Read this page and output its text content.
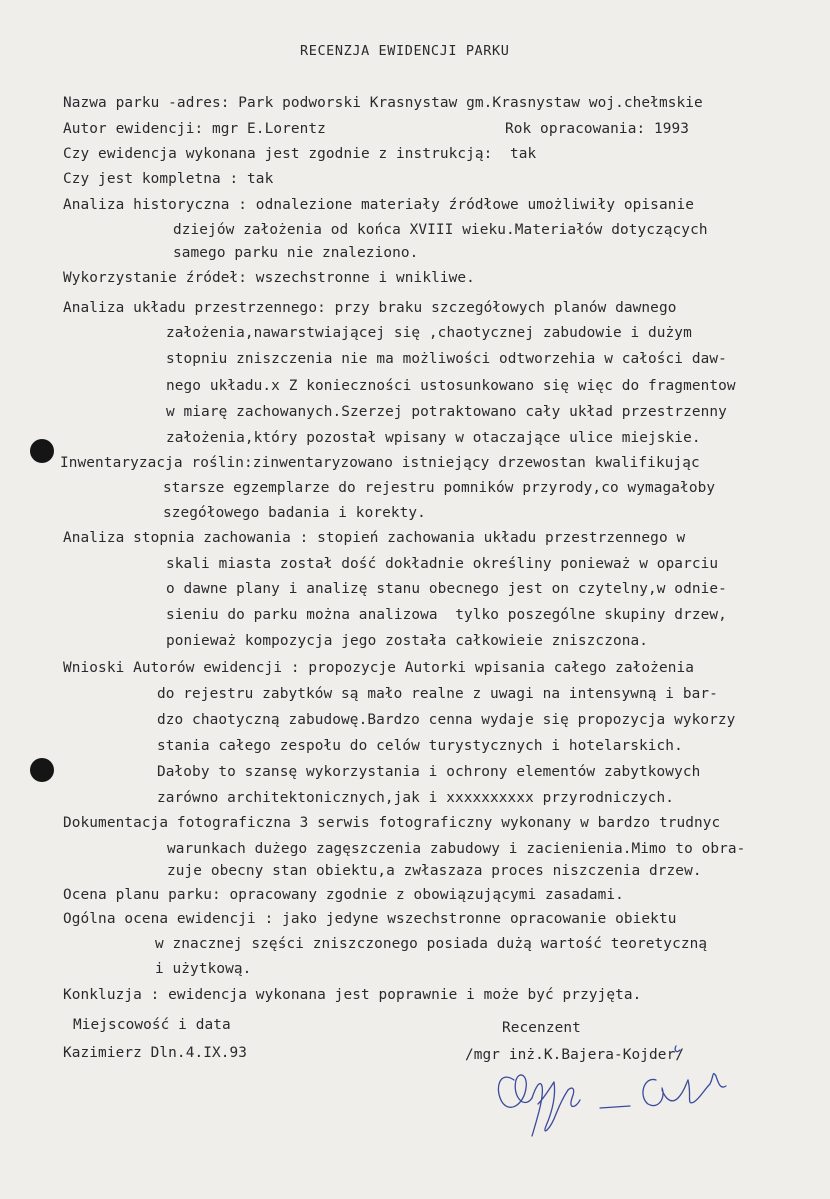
RECENZJA EWIDENCJI PARKU
Nazwa parku -adres: Park podworski Krasnystaw gm.Krasnystaw woj.chełmskie
Autor ewidencji: mgr E.Lorentz	Rok opracowania: 1993
Czy ewidencja wykonana jest zgodnie z instrukcją:  tak
Czy jest kompletna : tak
Analiza historyczna : odnalezione materiały źródłowe umożliwiły opisanie
dziejów założenia od końca XVIII wieku.Materiałów dotyczących
samego parku nie znaleziono.
Wykorzystanie źródeł: wszechstronne i wnikliwe.
Analiza układu przestrzennego: przy braku szczegółowych planów dawnego
założenia,nawarstwiającej się ,chaotycznej zabudowie i dużym
stopniu zniszczenia nie ma możliwości odtworzehia w całości daw-
nego układu.x Z konieczności ustosunkowano się więc do fragmentow
w miarę zachowanych.Szerzej potraktowano cały układ przestrzenny
założenia,który pozostał wpisany w otaczające ulice miejskie.
Inwentaryzacja roślin:zinwentaryzowano istniejący drzewostan kwalifikując
starsze egzemplarze do rejestru pomników przyrody,co wymagałoby
szegółowego badania i korekty.
Analiza stopnia zachowania : stopień zachowania układu przestrzennego w
skali miasta został dość dokładnie określiny ponieważ w oparciu
o dawne plany i analizę stanu obecnego jest on czytelny,w odnie-
sieniu do parku można analizowa  tylko poszególne skupiny drzew,
ponieważ kompozycja jego została całkowieie zniszczona.
Wnioski Autorów ewidencji : propozycje Autorki wpisania całego założenia
do rejestru zabytków są mało realne z uwagi na intensywną i bar-
dzo chaotyczną zabudowę.Bardzo cenna wydaje się propozycja wykorzy
stania całego zespołu do celów turystycznych i hotelarskich.
Dałoby to szansę wykorzystania i ochrony elementów zabytkowych
zarówno architektonicznych,jak i xxxxxxxxxx przyrodniczych.
Dokumentacja fotograficzna 3 serwis fotograficzny wykonany w bardzo trudnyc
warunkach dużego zagęszczenia zabudowy i zacienienia.Mimo to obra-
zuje obecny stan obiektu,a zwłaszaza proces niszczenia drzew.
Ocena planu parku: opracowany zgodnie z obowiązującymi zasadami.
Ogólna ocena ewidencji : jako jedyne wszechstronne opracowanie obiektu
w znacznej szęści zniszczonego posiada dużą wartość teoretyczną
i użytkową.
Konkluzja : ewidencja wykonana jest poprawnie i może być przyjęta.
Miejscowość i data
Kazimierz Dln.4.IX.93
Recenzent
/mgr inż.K.Bajera-Kojder/
